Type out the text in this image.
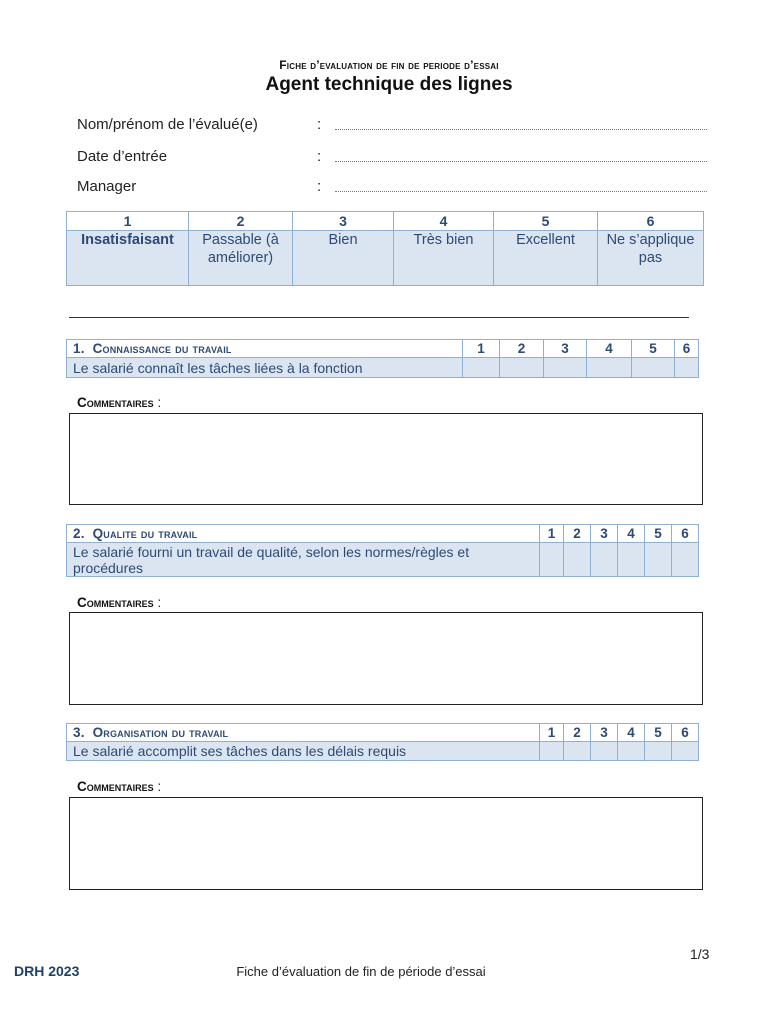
Fiche d’evaluation de fin de periode d’essai
Agent technique des lignes
Nom/prénom de l’évalué(e)	:
Date d’entrée	:
Manager	:
1	2	3	4	5	6
Insatisfaisant	Passable (à améliorer)	Bien	Très bien	Excellent	Ne s’applique pas
1. Connaissance du travail	1	2	3	4	5	6
Le salarié connaît les tâches liées à la fonction						
Commentaires :
2. Qualite du travail	1	2	3	4	5	6
Le salarié fourni un travail de qualité, selon les normes/règles et procédures						
Commentaires :
3. Organisation du travail	1	2	3	4	5	6
Le salarié accomplit ses tâches dans les délais requis						
Commentaires :
1/3
DRH 2023	Fiche d’évaluation de fin de période d’essai
